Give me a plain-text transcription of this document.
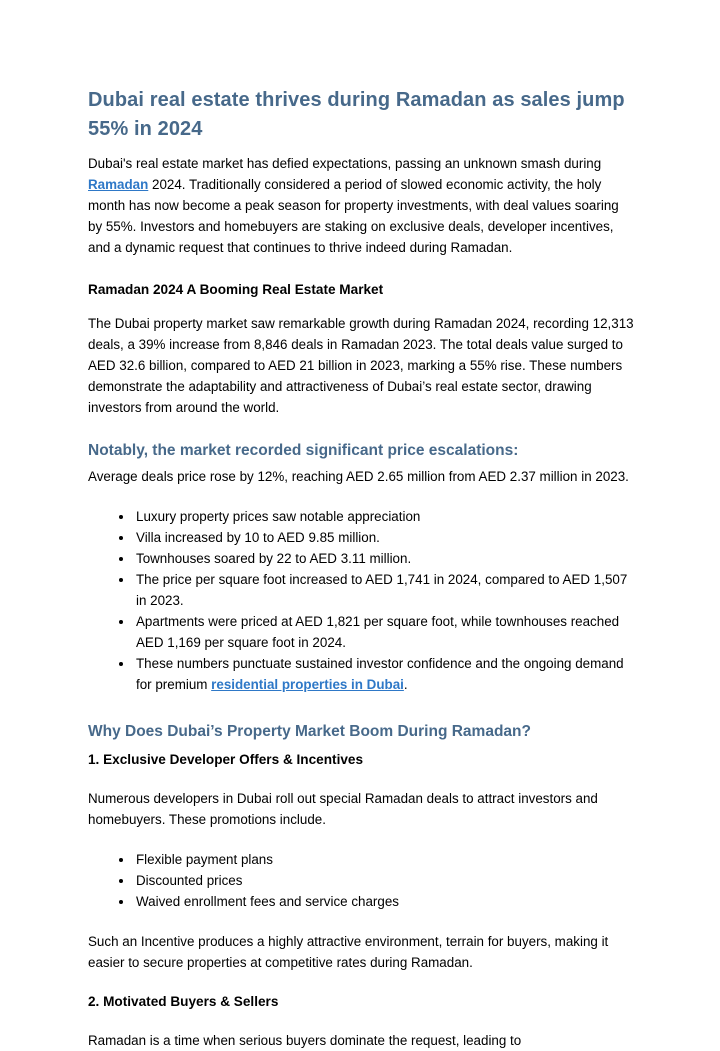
Dubai real estate thrives during Ramadan as sales jump 55% in 2024

Dubai's real estate market has defied expectations, passing an unknown smash during Ramadan 2024. Traditionally considered a period of slowed economic activity, the holy month has now become a peak season for property investments, with deal values soaring by 55%. Investors and homebuyers are staking on exclusive deals, developer incentives, and a dynamic request that continues to thrive indeed during Ramadan.

Ramadan 2024 A Booming Real Estate Market

The Dubai property market saw remarkable growth during Ramadan 2024, recording 12,313 deals, a 39% increase from 8,846 deals in Ramadan 2023. The total deals value surged to AED 32.6 billion, compared to AED 21 billion in 2023, marking a 55% rise. These numbers demonstrate the adaptability and attractiveness of Dubai’s real estate sector, drawing investors from around the world.

Notably, the market recorded significant price escalations:

Average deals price rose by 12%, reaching AED 2.65 million from AED 2.37 million in 2023.

• Luxury property prices saw notable appreciation
• Villa increased by 10 to AED 9.85 million.
• Townhouses soared by 22 to AED 3.11 million.
• The price per square foot increased to AED 1,741 in 2024, compared to AED 1,507 in 2023.
• Apartments were priced at AED 1,821 per square foot, while townhouses reached AED 1,169 per square foot in 2024.
• These numbers punctuate sustained investor confidence and the ongoing demand for premium residential properties in Dubai.
Why Does Dubai’s Property Market Boom During Ramadan?
1. Exclusive Developer Offers & Incentives

Numerous developers in Dubai roll out special Ramadan deals to attract investors and homebuyers. These promotions include.

• Flexible payment plans
• Discounted prices
• Waived enrollment fees and service charges

Such an Incentive produces a highly attractive environment, terrain for buyers, making it easier to secure properties at competitive rates during Ramadan.

2. Motivated Buyers & Sellers

Ramadan is a time when serious buyers dominate the request, leading to
